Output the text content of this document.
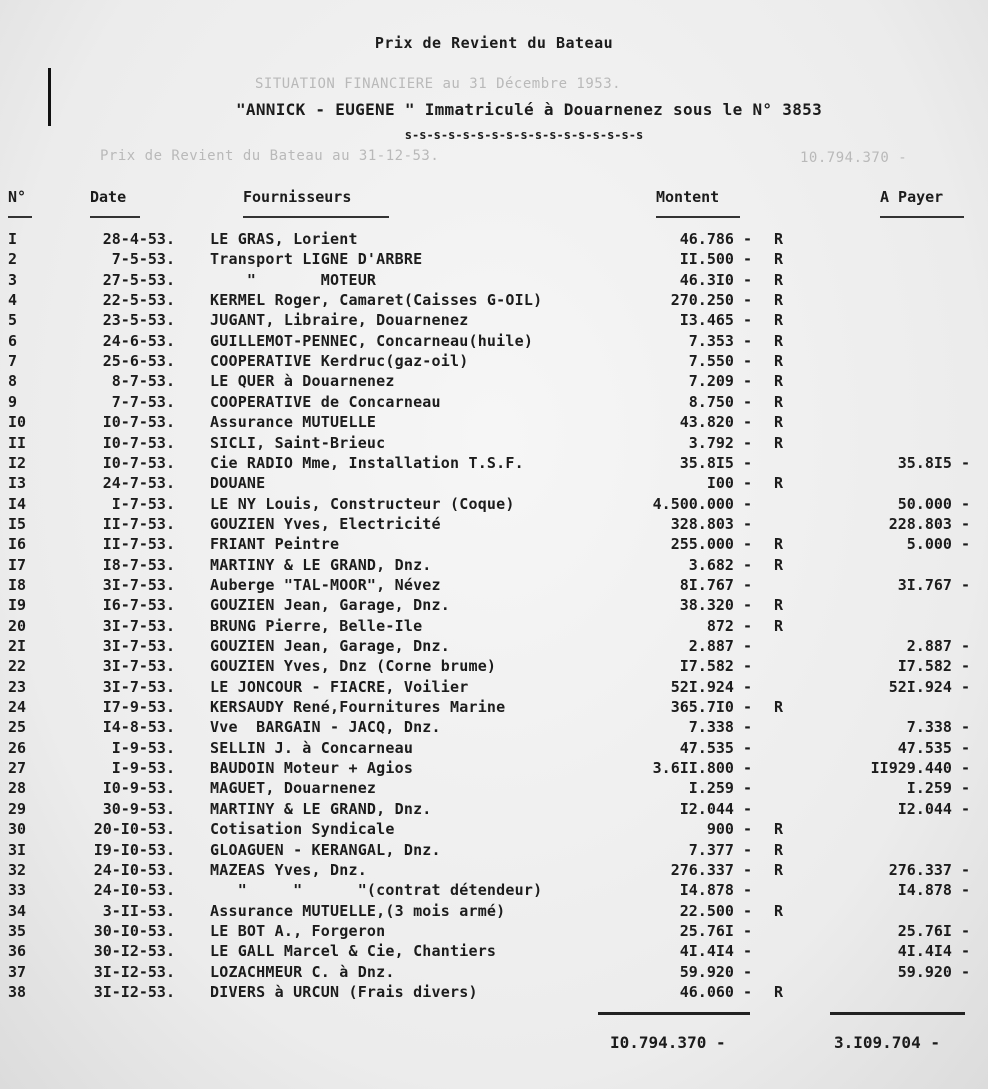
SITUATION FINANCIERE au 31 Décembre 1953.
Prix de Revient du Bateau au 31-12-53.	10.794.370 -
Prix de Revient du Bateau
"ANNICK - EUGENE " Immatriculé à Douarnenez sous le N° 3853
s-s-s-s-s-s-s-s-s-s-s-s-s-s-s-s-s
N°	Date	Fournisseurs	Montent	A Payer
I	28-4-53. LE GRAS, Lorient	46.786 - R
2	7-5-53. Transport LIGNE D'ARBRE	II.500 - R
3	27-5-53. "       MOTEUR	46.3I0 - R
4	22-5-53. KERMEL Roger, Camaret(Caisses G-OIL)	270.250 - R
5	23-5-53. JUGANT, Libraire, Douarnenez	I3.465 - R
6	24-6-53. GUILLEMOT-PENNEC, Concarneau(huile)	7.353 - R
7	25-6-53. COOPERATIVE Kerdruc(gaz-oil)	7.550 - R
8	8-7-53. LE QUER à Douarnenez	7.209 - R
9	7-7-53. COOPERATIVE de Concarneau	8.750 - R
I0	I0-7-53. Assurance MUTUELLE	43.820 - R
II	I0-7-53. SICLI, Saint-Brieuc	3.792 - R
I2	I0-7-53. Cie RADIO Mme, Installation T.S.F.	35.8I5 -	35.8I5 -
I3	24-7-53. DOUANE	I00 - R
I4	I-7-53. LE NY Louis, Constructeur (Coque)	4.500.000 -	50.000 -
I5	II-7-53. GOUZIEN Yves, Electricité	328.803 -	228.803 -
I6	II-7-53. FRIANT Peintre	255.000 - R	5.000 -
I7	I8-7-53. MARTINY & LE GRAND, Dnz.	3.682 - R
I8	3I-7-53. Auberge "TAL-MOOR", Névez	8I.767 -	3I.767 -
I9	I6-7-53. GOUZIEN Jean, Garage, Dnz.	38.320 - R
20	3I-7-53. BRUNG Pierre, Belle-Ile	872 - R
2I	3I-7-53. GOUZIEN Jean, Garage, Dnz.	2.887 -	2.887 -
22	3I-7-53. GOUZIEN Yves, Dnz (Corne brume)	I7.582 -	I7.582 -
23	3I-7-53. LE JONCOUR - FIACRE, Voilier	52I.924 -	52I.924 -
24	I7-9-53. KERSAUDY René,Fournitures Marine	365.7I0 - R
25	I4-8-53. Vve  BARGAIN - JACQ, Dnz.	7.338 -	7.338 -
26	I-9-53. SELLIN J. à Concarneau	47.535 -	47.535 -
27	I-9-53. BAUDOIN Moteur + Agios	3.6II.800 -	II929.440 -
28	I0-9-53. MAGUET, Douarnenez	I.259 -	I.259 -
29	30-9-53. MARTINY & LE GRAND, Dnz.	I2.044 -	I2.044 -
30	20-I0-53. Cotisation Syndicale	900 - R
3I	I9-I0-53. GLOAGUEN - KERANGAL, Dnz.	7.377 - R
32	24-I0-53. MAZEAS Yves, Dnz.	276.337 - R	276.337 -
33	24-I0-53. "     "      "(contrat détendeur)	I4.878 -	I4.878 -
34	3-II-53. Assurance MUTUELLE,(3 mois armé)	22.500 - R
35	30-I0-53. LE BOT A., Forgeron	25.76I -	25.76I -
36	30-I2-53. LE GALL Marcel & Cie, Chantiers	4I.4I4 -	4I.4I4 -
37	3I-I2-53. LOZACHMEUR C. à Dnz.	59.920 -	59.920 -
38	3I-I2-53. DIVERS à URCUN (Frais divers)	46.060 - R
I0.794.370 -	3.I09.704 -
